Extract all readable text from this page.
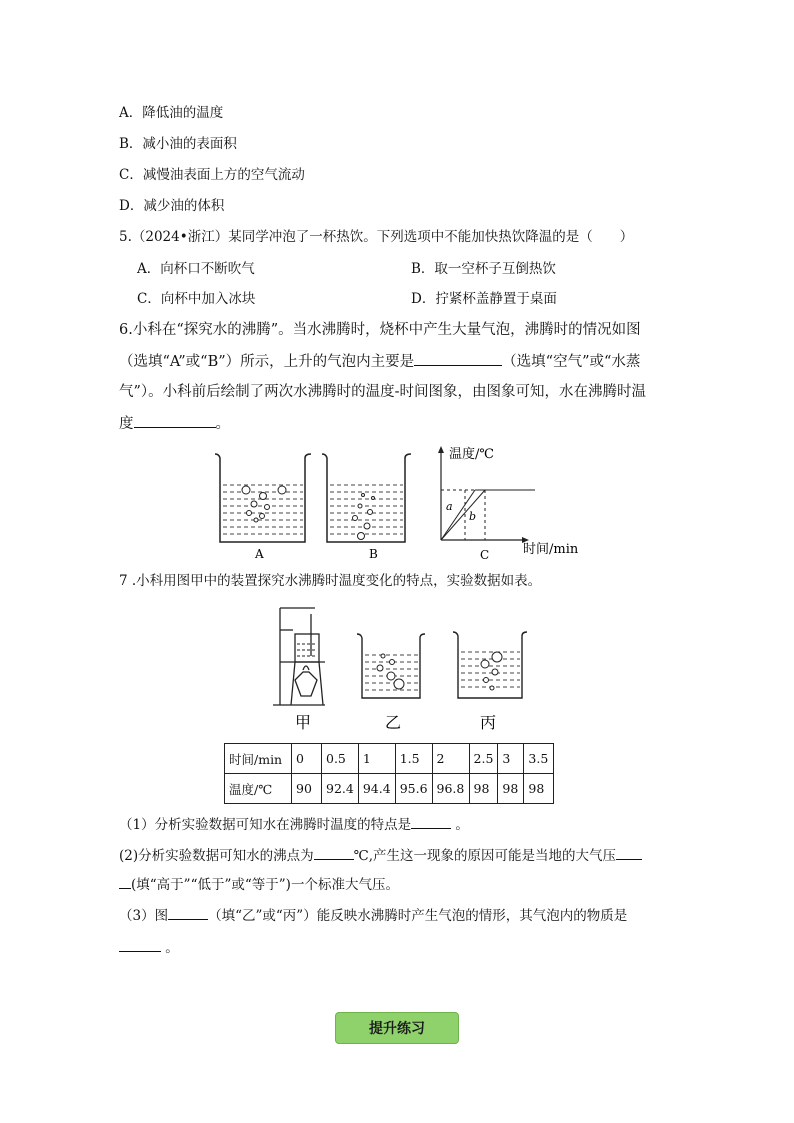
A．降低油的温度
B．减小油的表面积
C．减慢油表面上方的空气流动
D．减少油的体积
5.（2024•浙江）某同学冲泡了一杯热饮。下列选项中不能加快热饮降温的是（　　）
A．向杯口不断吹气	B．取一空杯子互倒热饮
C．向杯中加入冰块	D．拧紧杯盖静置于桌面
6.小科在“探究水的沸腾”。当水沸腾时，烧杯中产生大量气泡，沸腾时的情况如图
（选填“A”或“B”）所示，上升的气泡内主要是	（选填“空气”或“水蒸
气”）。小科前后绘制了两次水沸腾时的温度-时间图象，由图象可知，水在沸腾时温
度	。
a
b
温度/℃
时间/min
A	B	C
7 .小科用图甲中的装置探究水沸腾时温度变化的特点，实验数据如表。
甲	乙	丙
时间/min	0	0.5	1	1.5	2	2.5	3	3.5
温度/℃	90	92.4	94.4	95.6	96.8	98	98	98
（1）分析实验数据可知水在沸腾时温度的特点是	。
(2)分析实验数据可知水的沸点为	℃,产生这一现象的原因可能是当地的大气压
(填“高于”“低于”或“等于”)一个标准大气压。
（3）图	（填“乙”或“丙”）能反映水沸腾时产生气泡的情形，其气泡内的物质是
。
提升练习
